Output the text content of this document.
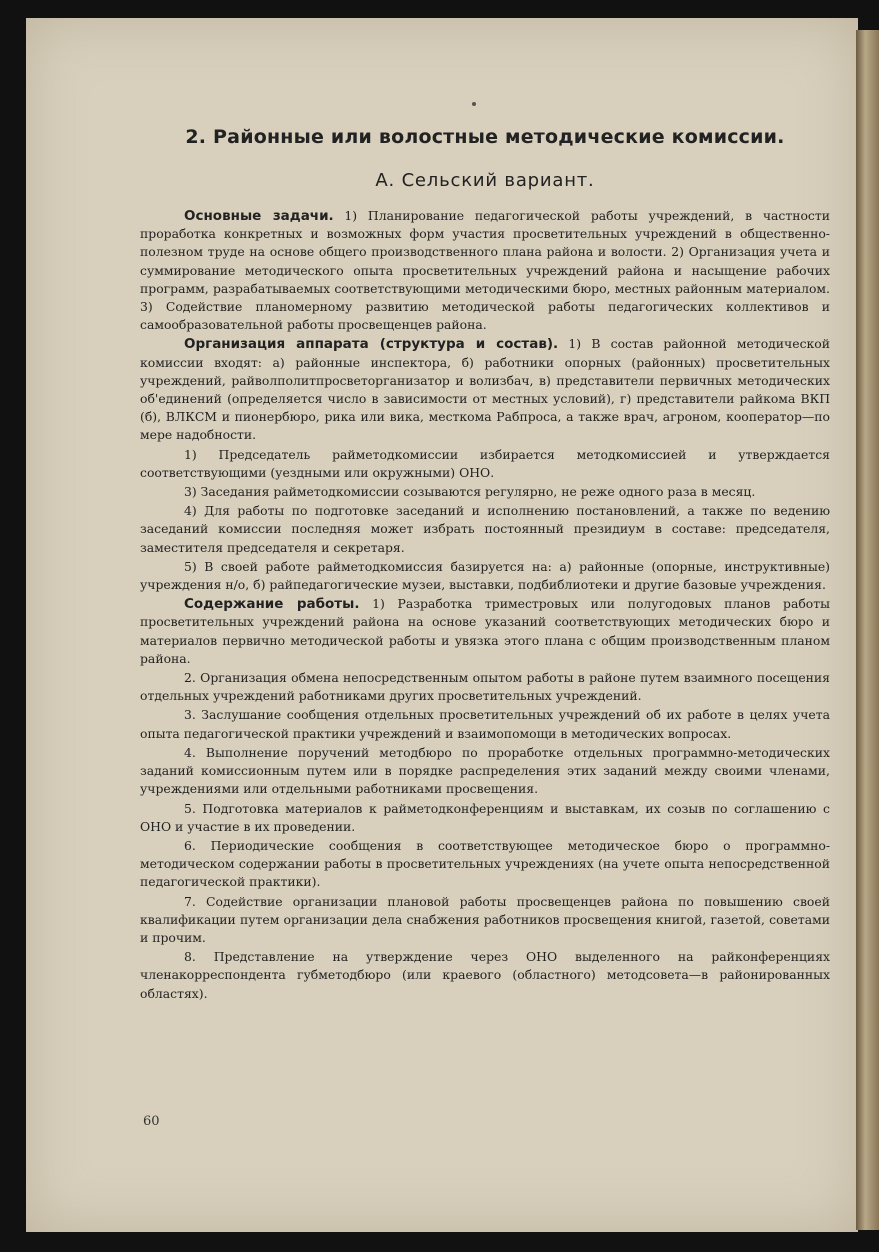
2. Районные или волостные методические комиссии.
А. Сельский вариант.

Основные задачи. 1) Планирование педагогической работы учреждений, в частности проработка конкретных и возможных форм участия просветительных учреждений в общественно-полезном труде на основе общего производственного плана района и волости. 2) Организация учета и суммирование методического опыта просветительных учреждений района и насыщение рабочих программ, разрабатываемых соответствующими методическими бюро, местных районным материалом. 3) Содействие планомерному развитию методической работы педагогических коллективов и самообразовательной работы просвещенцев района.

Организация аппарата (структура и состав). 1) В состав районной методической комиссии входят: а) районные инспектора, б) работники опорных (районных) просветительных учреждений, райволполитпросветорганизатор и волизбач, в) представители первичных методических об'единений (определяется число в зависимости от местных условий), г) представители райкома ВКП (б), ВЛКСМ и пионербюро, рика или вика, месткома Рабпроса, а также врач, агроном, кооператор—по мере надобности.

1) Председатель райметодкомиссии избирается методкомиссией и утверждается соответствующими (уездными или окружными) ОНО.

3) Заседания райметодкомиссии созываются регулярно, не реже одного раза в месяц.

4) Для работы по подготовке заседаний и исполнению постановлений, а также по ведению заседаний комиссии последняя может избрать постоянный президиум в составе: председателя, заместителя председателя и секретаря.

5) В своей работе райметодкомиссия базируется на: а) районные (опорные, инструктивные) учреждения н/о, б) райпедагогические музеи, выставки, подбиблиотеки и другие базовые учреждения.

Содержание работы. 1) Разработка триместровых или полугодовых планов работы просветительных учреждений района на основе указаний соответствующих методических бюро и материалов первично методической работы и увязка этого плана с общим производственным планом района.

2. Организация обмена непосредственным опытом работы в районе путем взаимного посещения отдельных учреждений работниками других просветительных учреждений.

3. Заслушание сообщения отдельных просветительных учреждений об их работе в целях учета опыта педагогической практики учреждений и взаимопомощи в методических вопросах.

4. Выполнение поручений методбюро по проработке отдельных программно-методических заданий комиссионным путем или в порядке распределения этих заданий между своими членами, учреждениями или отдельными работниками просвещения.

5. Подготовка материалов к райметодконференциям и выставкам, их созыв по соглашению с ОНО и участие в их проведении.

6. Периодические сообщения в соответствующее методическое бюро о программно-методическом содержании работы в просветительных учреждениях (на учете опыта непосредственной педагогической практики).

7. Содействие организации плановой работы просвещенцев района по повышению своей квалификации путем организации дела снабжения работников просвещения книгой, газетой, советами и прочим.

8. Представление на утверждение через ОНО выделенного на райконференциях членакорреспондента губметодбюро (или краевого (областного) методсовета—в районированных областях).

60
